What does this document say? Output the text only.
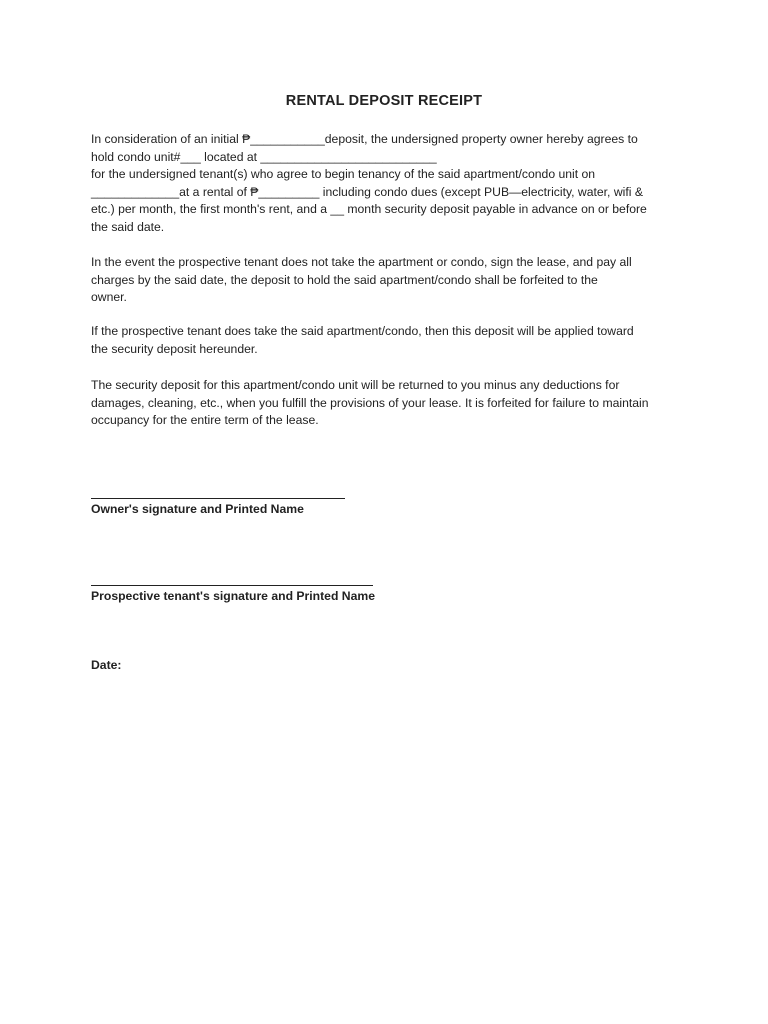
RENTAL DEPOSIT RECEIPT
In consideration of an initial ₱___________deposit, the undersigned property owner hereby agrees to
hold condo unit#___ located at __________________________
for the undersigned tenant(s) who agree to begin tenancy of the said apartment/condo unit on
_____________at a rental of ₱_________ including condo dues (except PUB—electricity, water, wifi &
etc.) per month, the first month's rent, and a __ month security deposit payable in advance on or before
the said date.
In the event the prospective tenant does not take the apartment or condo, sign the lease, and pay all
charges by the said date, the deposit to hold the said apartment/condo shall be forfeited to the
owner.
If the prospective tenant does take the said apartment/condo, then this deposit will be applied toward
the security deposit hereunder.
The security deposit for this apartment/condo unit will be returned to you minus any deductions for
damages, cleaning, etc., when you fulfill the provisions of your lease. It is forfeited for failure to maintain
occupancy for the entire term of the lease.
Owner's signature and Printed Name
Prospective tenant's signature and Printed Name
Date:
